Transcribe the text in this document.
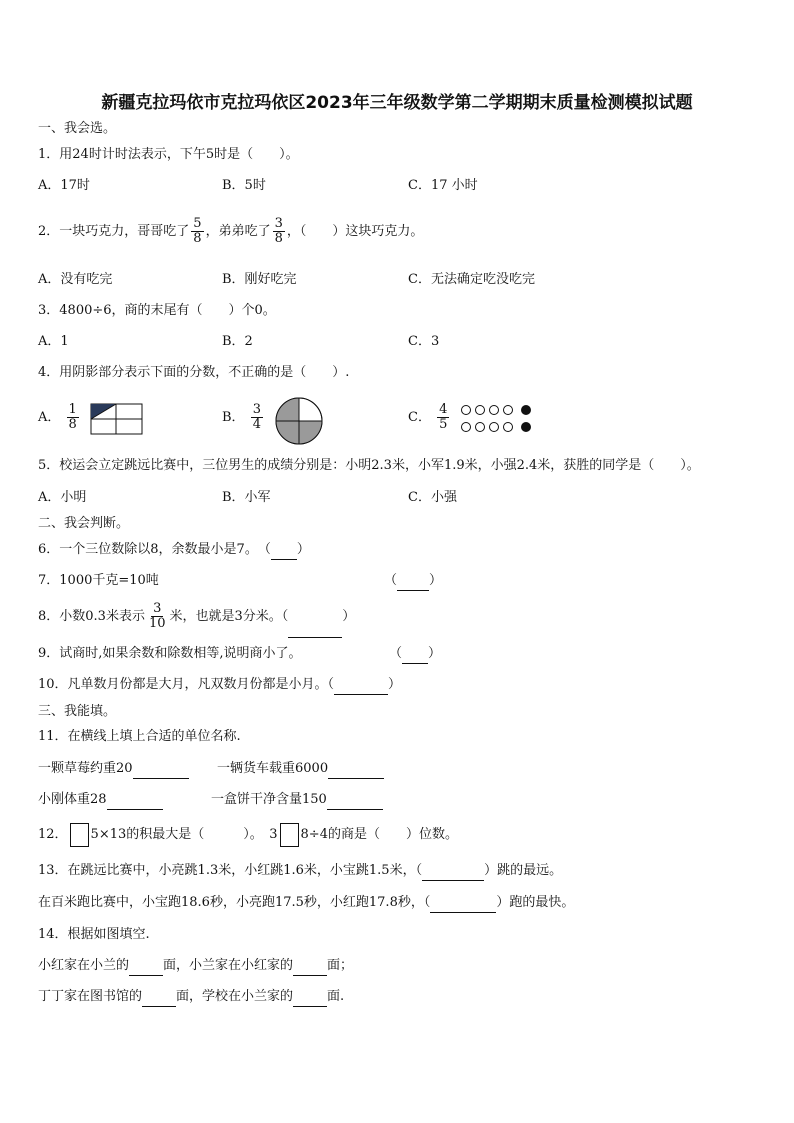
新疆克拉玛依市克拉玛依区2023年三年级数学第二学期期末质量检测模拟试题
一、我会选。
1．用24时计时法表示，下午5时是（　　）。
A．17时	B．5时	C．17 小时
2．一块巧克力，哥哥吃了 $\frac{5}{8}$ ，弟弟吃了 $\frac{3}{8}$ ，（　　）这块巧克力。
A．没有吃完	B．刚好吃完	C．无法确定吃没吃完
3．4800÷6，商的末尾有（　　）个0。
A．1	B．2	C．3
4．用阴影部分表示下面的分数，不正确的是（　　）.
A． $\frac{1}{8}$	B． $\frac{3}{4}$	C． $\frac{4}{5}$
5．校运会立定跳远比赛中，三位男生的成绩分别是：小明2.3米，小军1.9米，小强2.4米，获胜的同学是（　　）。
A．小明	B．小军	C．小强
二、我会判断。
6．一个三位数除以8，余数最小是7。　（ ）
7．1000千克=10吨	（ ）
8．小数0.3米表示 $\frac{3}{10}$ 米，也就是3分米。（	）
9．试商时,如果余数和除数相等,说明商小了。	（ ）
10．凡单数月份都是大月，凡双数月份都是小月。（	）
三、我能填。
11．在横线上填上合适的单位名称.
一颗草莓约重20	一辆货车载重6000
小刚体重28	一盒饼干净含量150
12． 5×13的积最大是（　　　）。　3 8÷4的商是（　　）位数。
13．在跳远比赛中，小亮跳1.3米，小红跳1.6米，小宝跳1.5米，（	）跳的最远。
在百米跑比赛中，小宝跑18.6秒，小亮跑17.5秒，小红跑17.8秒，（	）跑的最快。
14．根据如图填空.
小红家在小兰的	面，小兰家在小红家的	面；
丁丁家在图书馆的	面，学校在小兰家的	面.
